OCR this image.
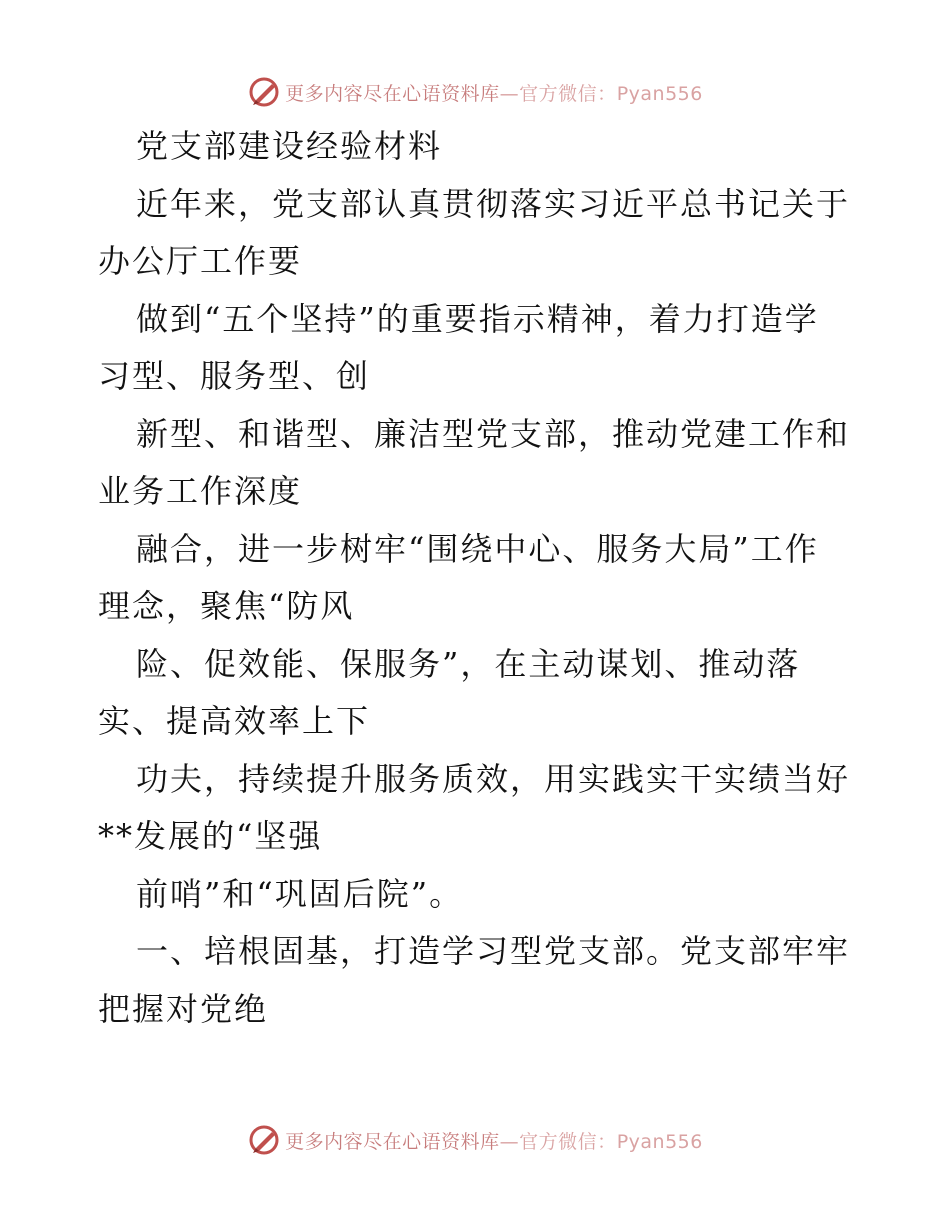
更多内容尽在心语资料库—官方微信：Pyan556
党支部建设经验材料
近年来，党支部认真贯彻落实习近平总书记关于
办公厅工作要
做到“五个坚持”的重要指示精神，着力打造学
习型、服务型、创
新型、和谐型、廉洁型党支部，推动党建工作和
业务工作深度
融合，进一步树牢“围绕中心、服务大局”工作
理念，聚焦“防风
险、促效能、保服务”，在主动谋划、推动落
实、提高效率上下
功夫，持续提升服务质效，用实践实干实绩当好
**发展的“坚强
前哨”和“巩固后院”。
一、培根固基，打造学习型党支部。党支部牢牢
把握对党绝
更多内容尽在心语资料库—官方微信：Pyan556
